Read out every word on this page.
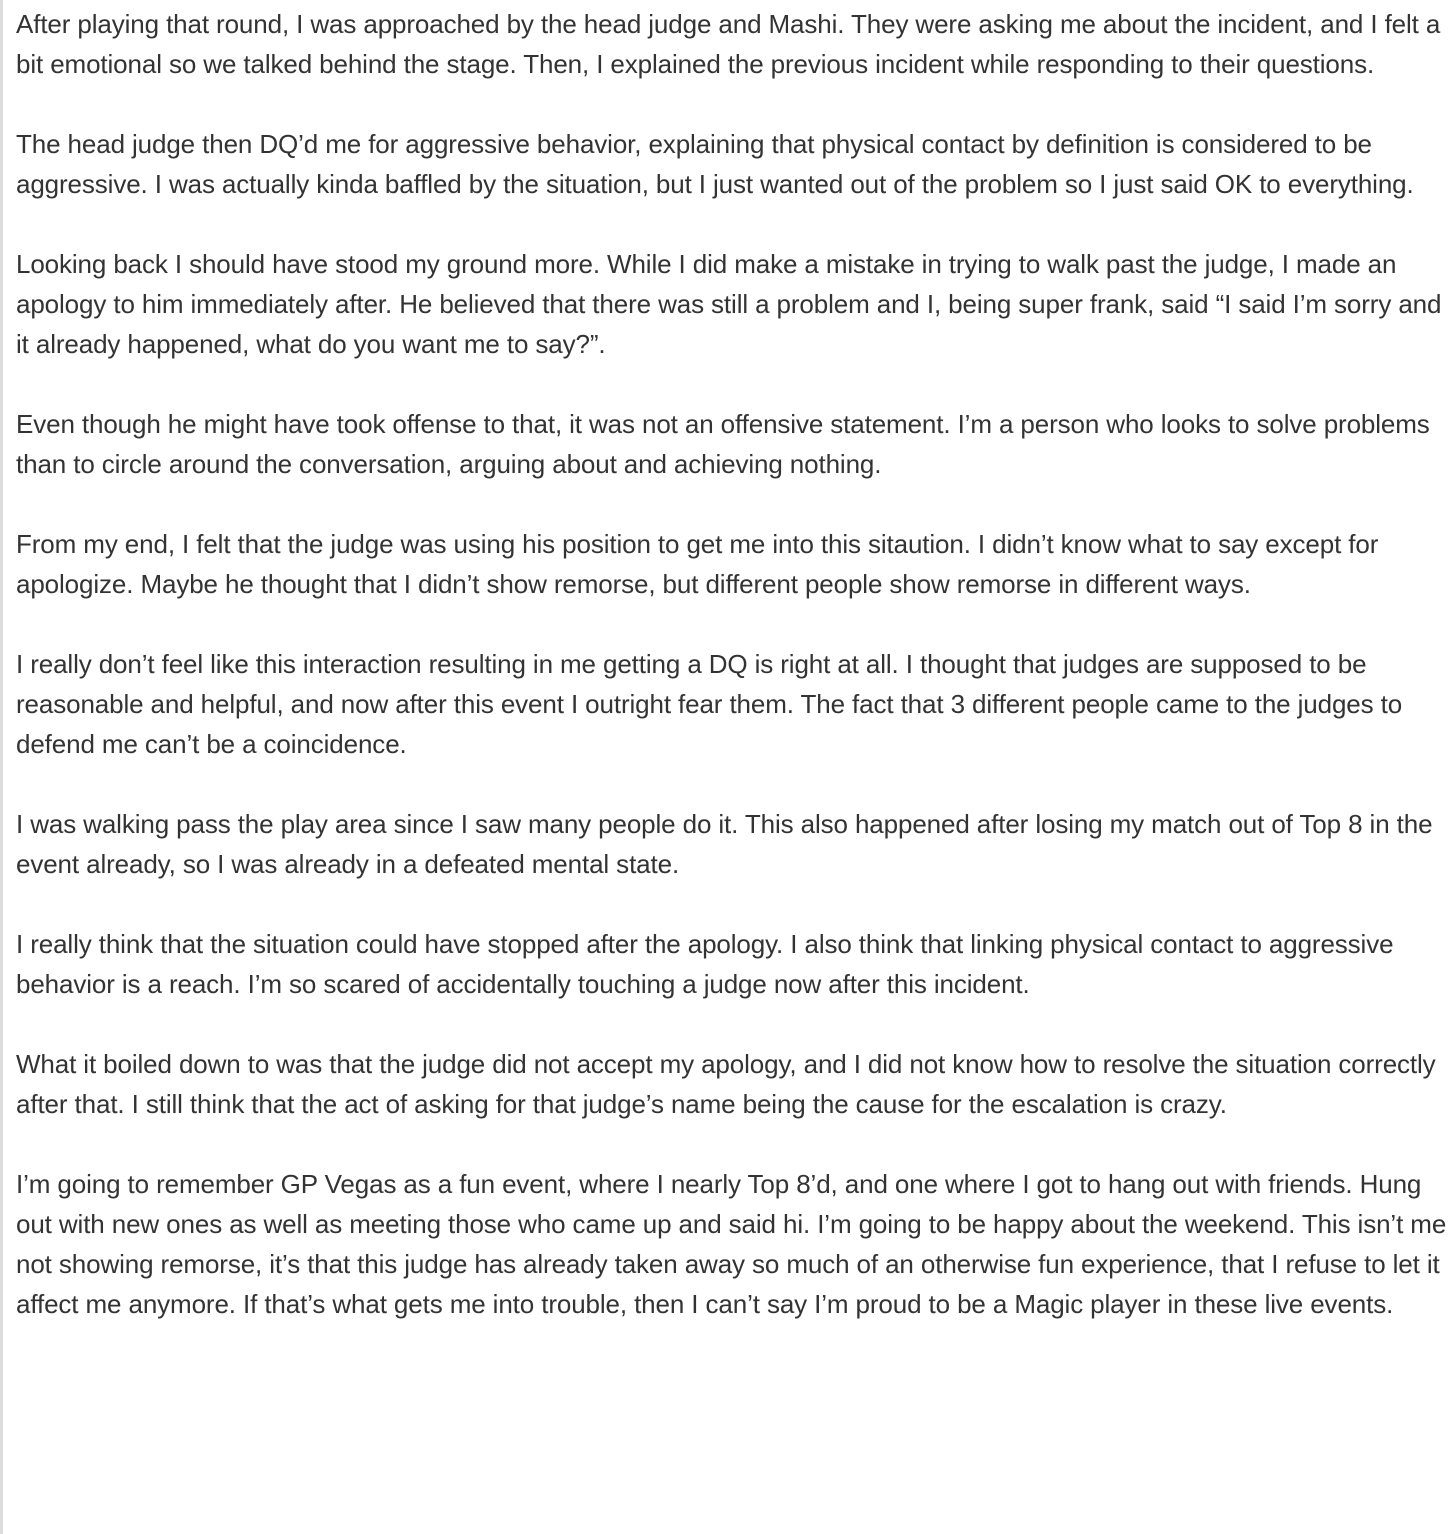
After playing that round, I was approached by the head judge and Mashi. They were asking me about the incident, and I felt a bit emotional so we talked behind the stage. Then, I explained the previous incident while responding to their questions.

The head judge then DQ’d me for aggressive behavior, explaining that physical contact by definition is considered to be aggressive. I was actually kinda baffled by the situation, but I just wanted out of the problem so I just said OK to everything.

Looking back I should have stood my ground more. While I did make a mistake in trying to walk past the judge, I made an apology to him immediately after. He believed that there was still a problem and I, being super frank, said “I said I’m sorry and it already happened, what do you want me to say?”.

Even though he might have took offense to that, it was not an offensive statement. I’m a person who looks to solve problems than to circle around the conversation, arguing about and achieving nothing.

From my end, I felt that the judge was using his position to get me into this sitaution. I didn’t know what to say except for apologize. Maybe he thought that I didn’t show remorse, but different people show remorse in different ways.

I really don’t feel like this interaction resulting in me getting a DQ is right at all. I thought that judges are supposed to be reasonable and helpful, and now after this event I outright fear them. The fact that 3 different people came to the judges to defend me can’t be a coincidence.

I was walking pass the play area since I saw many people do it. This also happened after losing my match out of Top 8 in the event already, so I was already in a defeated mental state.

I really think that the situation could have stopped after the apology. I also think that linking physical contact to aggressive behavior is a reach. I’m so scared of accidentally touching a judge now after this incident.

What it boiled down to was that the judge did not accept my apology, and I did not know how to resolve the situation correctly after that. I still think that the act of asking for that judge’s name being the cause for the escalation is crazy.

I’m going to remember GP Vegas as a fun event, where I nearly Top 8’d, and one where I got to hang out with friends. Hung out with new ones as well as meeting those who came up and said hi. I’m going to be happy about the weekend. This isn’t me not showing remorse, it’s that this judge has already taken away so much of an otherwise fun experience, that I refuse to let it affect me anymore. If that’s what gets me into trouble, then I can’t say I’m proud to be a Magic player in these live events.
